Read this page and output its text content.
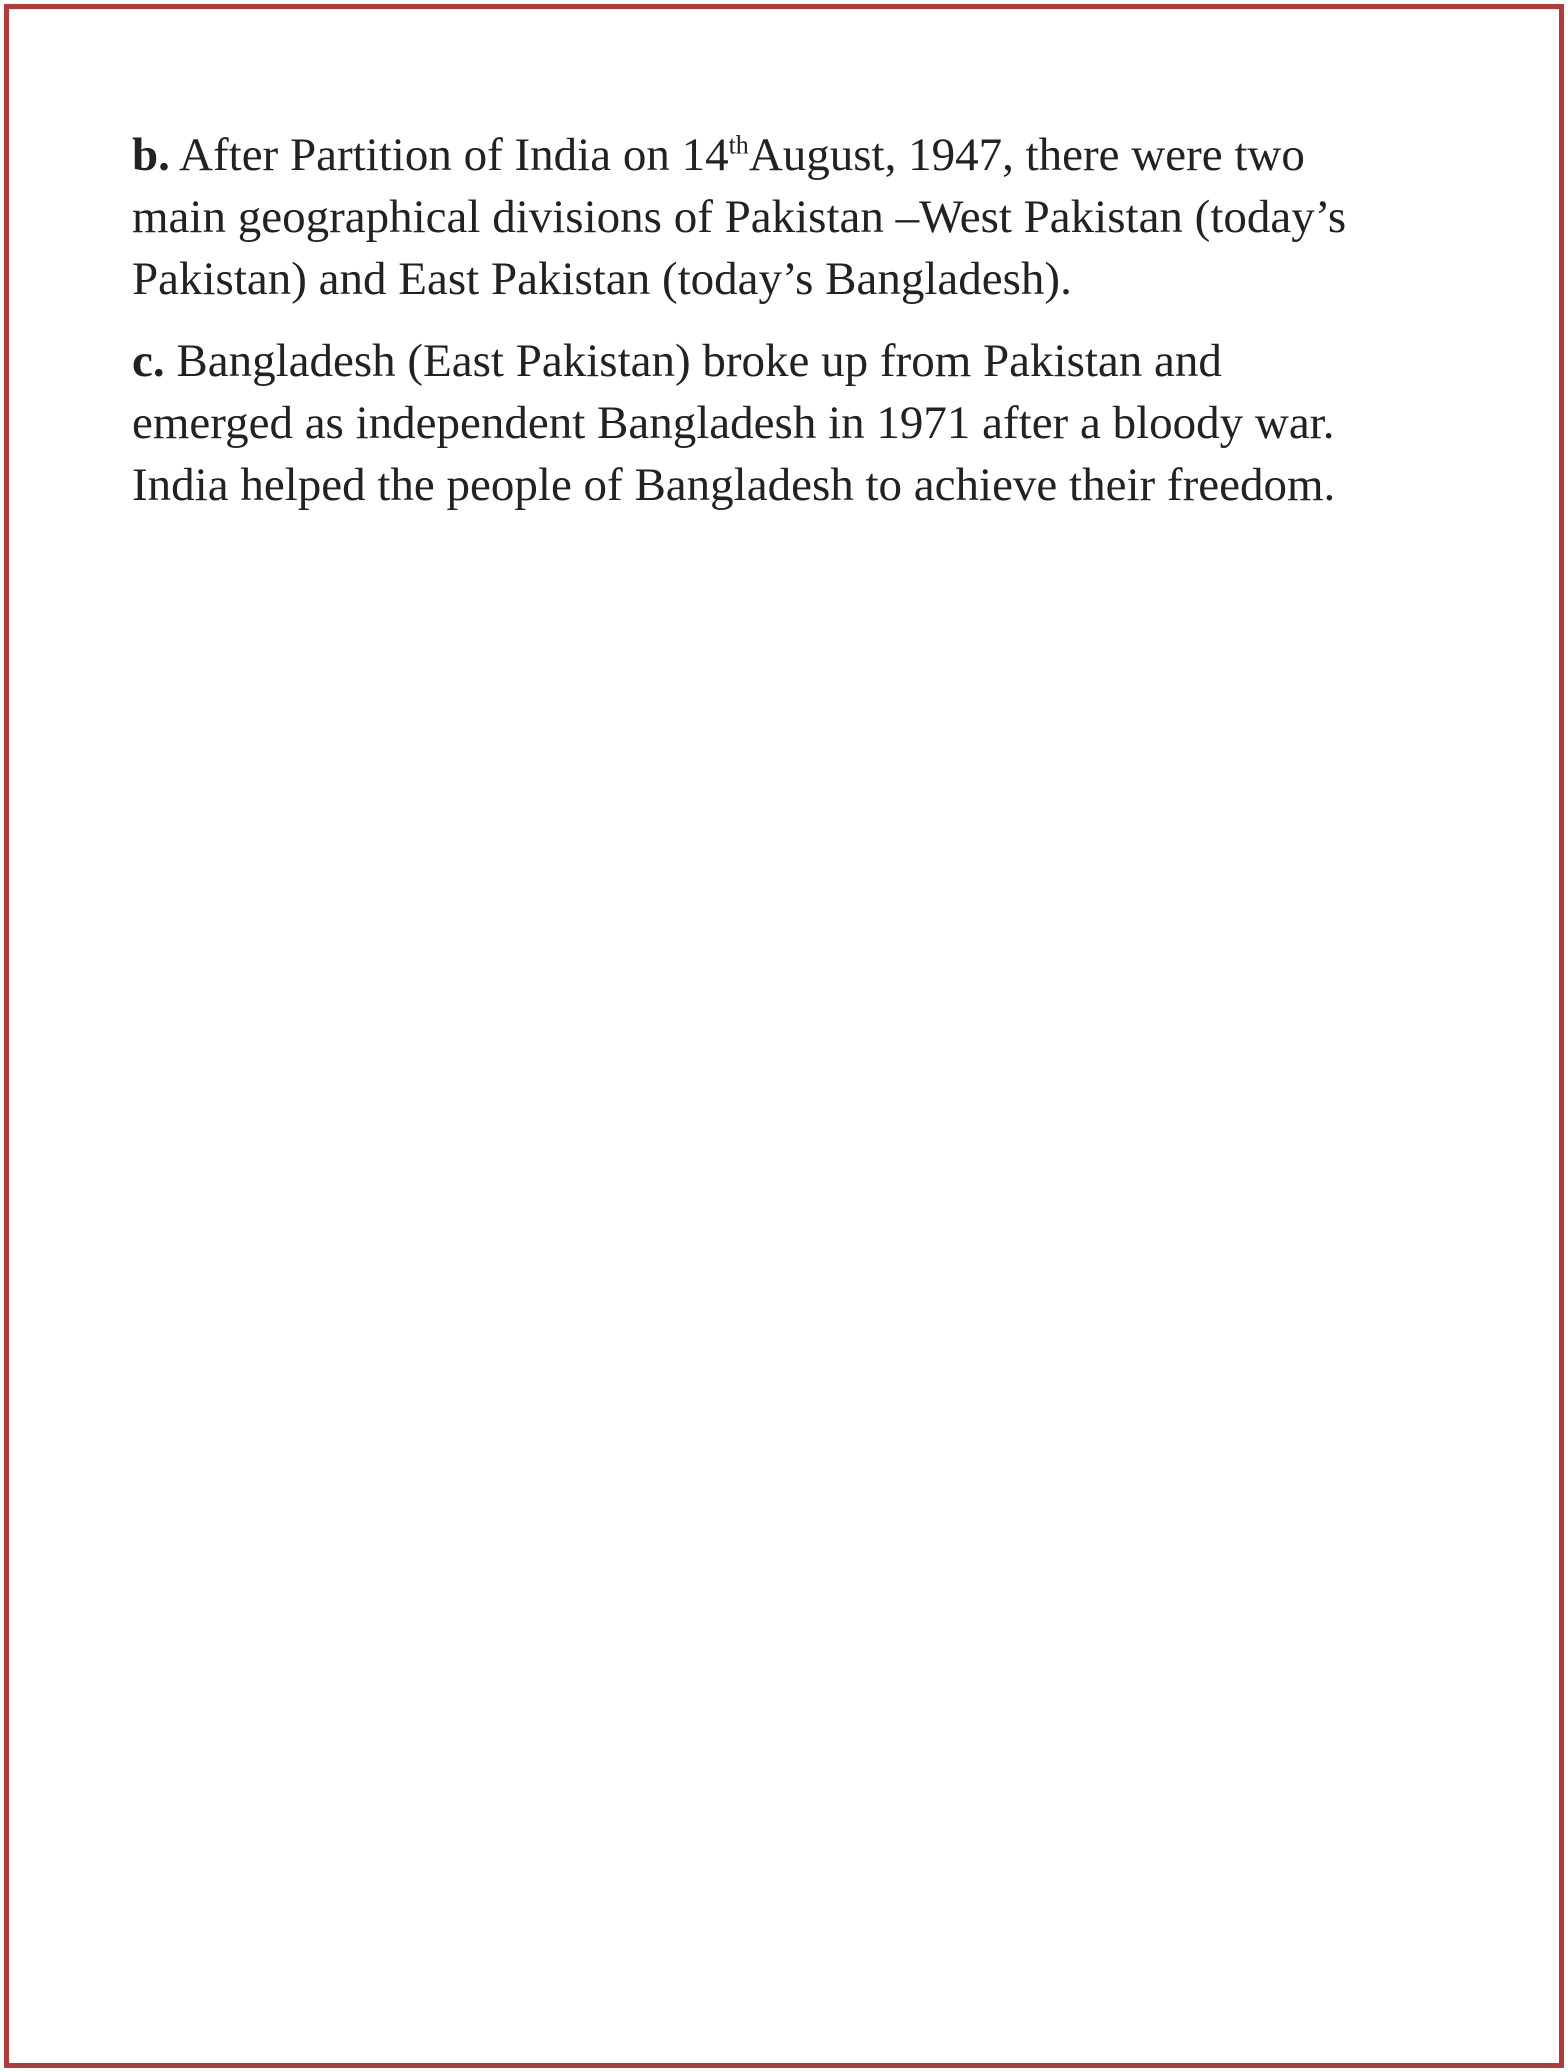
b. After Partition of India on 14thAugust, 1947, there were two
main geographical divisions of Pakistan –West Pakistan (today’s
Pakistan) and East Pakistan (today’s Bangladesh).

c. Bangladesh (East Pakistan) broke up from Pakistan and
emerged as independent Bangladesh in 1971 after a bloody war.
India helped the people of Bangladesh to achieve their freedom.
